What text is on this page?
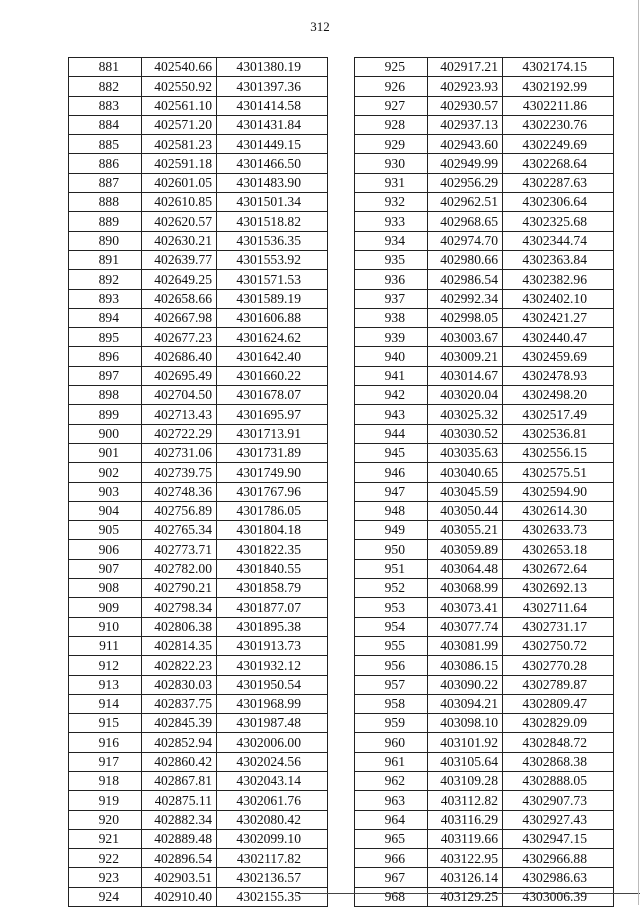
312
881	402540.66	4301380.19
882	402550.92	4301397.36
883	402561.10	4301414.58
884	402571.20	4301431.84
885	402581.23	4301449.15
886	402591.18	4301466.50
887	402601.05	4301483.90
888	402610.85	4301501.34
889	402620.57	4301518.82
890	402630.21	4301536.35
891	402639.77	4301553.92
892	402649.25	4301571.53
893	402658.66	4301589.19
894	402667.98	4301606.88
895	402677.23	4301624.62
896	402686.40	4301642.40
897	402695.49	4301660.22
898	402704.50	4301678.07
899	402713.43	4301695.97
900	402722.29	4301713.91
901	402731.06	4301731.89
902	402739.75	4301749.90
903	402748.36	4301767.96
904	402756.89	4301786.05
905	402765.34	4301804.18
906	402773.71	4301822.35
907	402782.00	4301840.55
908	402790.21	4301858.79
909	402798.34	4301877.07
910	402806.38	4301895.38
911	402814.35	4301913.73
912	402822.23	4301932.12
913	402830.03	4301950.54
914	402837.75	4301968.99
915	402845.39	4301987.48
916	402852.94	4302006.00
917	402860.42	4302024.56
918	402867.81	4302043.14
919	402875.11	4302061.76
920	402882.34	4302080.42
921	402889.48	4302099.10
922	402896.54	4302117.82
923	402903.51	4302136.57
924	402910.40	4302155.35
925	402917.21	4302174.15
926	402923.93	4302192.99
927	402930.57	4302211.86
928	402937.13	4302230.76
929	402943.60	4302249.69
930	402949.99	4302268.64
931	402956.29	4302287.63
932	402962.51	4302306.64
933	402968.65	4302325.68
934	402974.70	4302344.74
935	402980.66	4302363.84
936	402986.54	4302382.96
937	402992.34	4302402.10
938	402998.05	4302421.27
939	403003.67	4302440.47
940	403009.21	4302459.69
941	403014.67	4302478.93
942	403020.04	4302498.20
943	403025.32	4302517.49
944	403030.52	4302536.81
945	403035.63	4302556.15
946	403040.65	4302575.51
947	403045.59	4302594.90
948	403050.44	4302614.30
949	403055.21	4302633.73
950	403059.89	4302653.18
951	403064.48	4302672.64
952	403068.99	4302692.13
953	403073.41	4302711.64
954	403077.74	4302731.17
955	403081.99	4302750.72
956	403086.15	4302770.28
957	403090.22	4302789.87
958	403094.21	4302809.47
959	403098.10	4302829.09
960	403101.92	4302848.72
961	403105.64	4302868.38
962	403109.28	4302888.05
963	403112.82	4302907.73
964	403116.29	4302927.43
965	403119.66	4302947.15
966	403122.95	4302966.88
967	403126.14	4302986.63
968	403129.25	4303006.39
